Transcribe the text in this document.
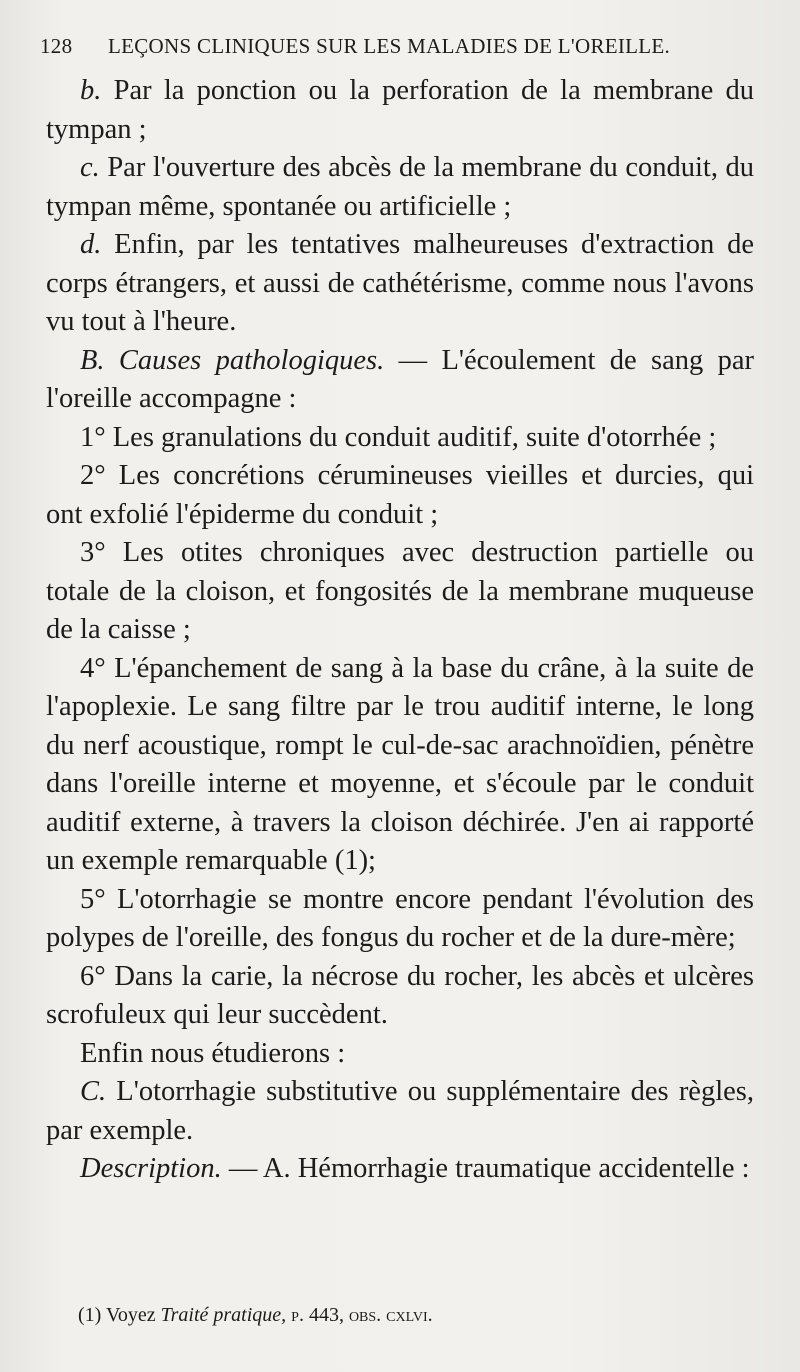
128 LEÇONS CLINIQUES SUR LES MALADIES DE L'OREILLE.

b. Par la ponction ou la perforation de la membrane du tympan ;

c. Par l'ouverture des abcès de la membrane du conduit, du tympan même, spontanée ou artificielle ;

d. Enfin, par les tentatives malheureuses d'extraction de corps étrangers, et aussi de cathétérisme, comme nous l'avons vu tout à l'heure.

B. Causes pathologiques. — L'écoulement de sang par l'oreille accompagne :

1° Les granulations du conduit auditif, suite d'otorrhée ;

2° Les concrétions cérumineuses vieilles et durcies, qui ont exfolié l'épiderme du conduit ;

3° Les otites chroniques avec destruction partielle ou totale de la cloison, et fongosités de la membrane muqueuse de la caisse ;

4° L'épanchement de sang à la base du crâne, à la suite de l'apoplexie. Le sang filtre par le trou auditif interne, le long du nerf acoustique, rompt le cul-de-sac arachnoïdien, pénètre dans l'oreille interne et moyenne, et s'écoule par le conduit auditif externe, à travers la cloison déchirée. J'en ai rapporté un exemple remarquable (1);

5° L'otorrhagie se montre encore pendant l'évolution des polypes de l'oreille, des fongus du rocher et de la dure-mère;

6° Dans la carie, la nécrose du rocher, les abcès et ulcères scrofuleux qui leur succèdent.

Enfin nous étudierons :

C. L'otorrhagie substitutive ou supplémentaire des règles, par exemple.

Description. — A. Hémorrhagie traumatique accidentelle :

(1) Voyez Traité pratique, p. 443, obs. cxlvi.
